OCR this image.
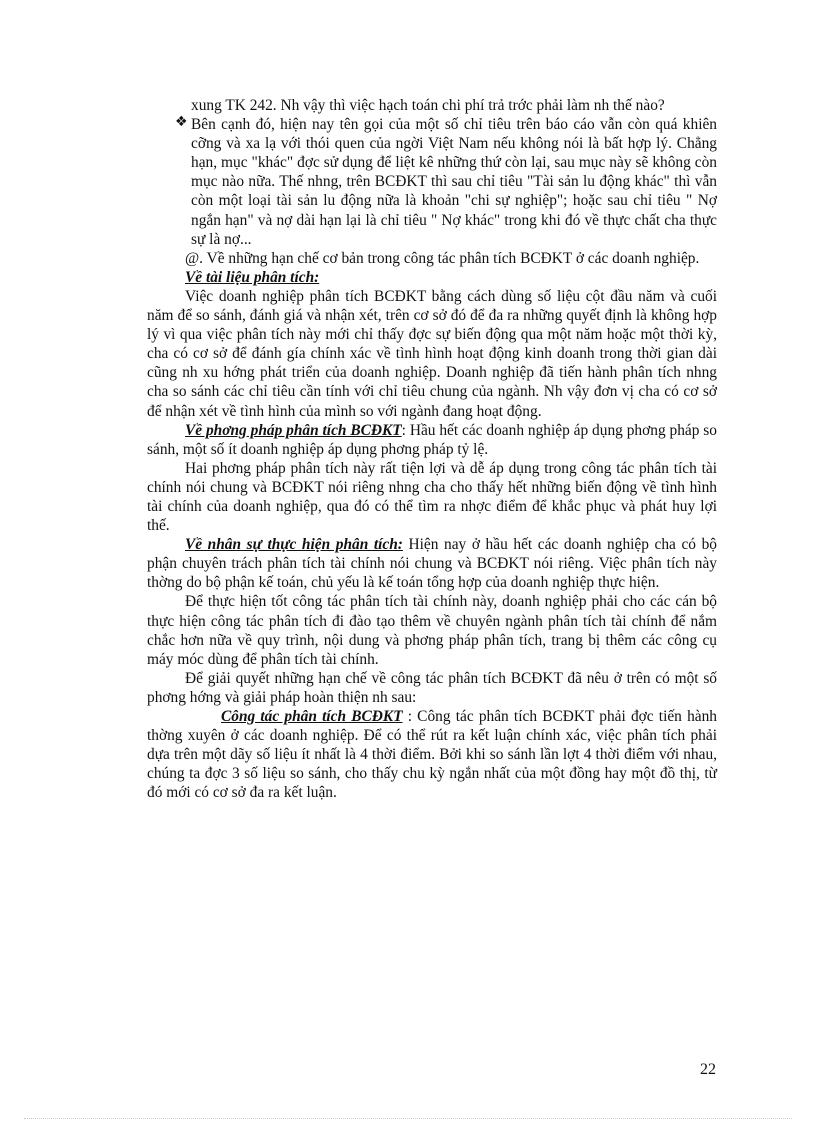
xung TK 242. Nh vậy thì việc hạch toán chi phí trả trớc phải làm nh thế nào?

❖ Bên cạnh đó, hiện nay tên gọi của một số chỉ tiêu trên báo cáo vẫn còn quá khiên cỡng và xa lạ với thói quen của ngời Việt Nam nếu không nói là bất hợp lý. Chẳng hạn, mục "khác" đợc sử dụng để liệt kê những thứ còn lại, sau mục này sẽ không còn mục nào nữa. Thế nhng, trên BCĐKT thì sau chỉ tiêu "Tài sản lu động khác" thì vẫn còn một loại tài sản lu động nữa là khoản "chi sự nghiệp"; hoặc sau chỉ tiêu " Nợ ngắn hạn" và nợ dài hạn lại là chỉ tiêu " Nợ khác" trong khi đó về thực chất cha thực sự là nợ...

@. Về những hạn chế cơ bản trong công tác phân tích BCĐKT ở các doanh nghiệp.

Về tài liệu phân tích:

Việc doanh nghiệp phân tích BCĐKT bằng cách dùng số liệu cột đầu năm và cuối năm để so sánh, đánh giá và nhận xét, trên cơ sở đó để đa ra những quyết định là không hợp lý vì qua việc phân tích này mới chỉ thấy đợc sự biến động qua một năm hoặc một thời kỳ, cha có cơ sở để đánh gía chính xác về tình hình hoạt động kinh doanh trong thời gian dài cũng nh xu hớng phát triển của doanh nghiệp. Doanh nghiệp đã tiến hành phân tích nhng cha so sánh các chỉ tiêu cần tính với chỉ tiêu chung của ngành. Nh vậy đơn vị cha có cơ sở để nhận xét về tình hình của mình so với ngành đang hoạt động.

Về phơng pháp phân tích BCĐKT: Hầu hết các doanh nghiệp áp dụng phơng pháp so sánh, một số ít doanh nghiệp áp dụng phơng pháp tỷ lệ.

Hai phơng pháp phân tích này rất tiện lợi và dễ áp dụng trong công tác phân tích tài chính nói chung và BCĐKT nói riêng nhng cha cho thấy hết những biến động về tình hình tài chính của doanh nghiệp, qua đó có thể tìm ra nhợc điểm để khắc phục và phát huy lợi thế.

Về nhân sự thực hiện phân tích: Hiện nay ở hầu hết các doanh nghiệp cha có bộ phận chuyên trách phân tích tài chính nói chung và BCĐKT nói riêng. Việc phân tích này thờng do bộ phận kế toán, chủ yếu là kế toán tổng hợp của doanh nghiệp thực hiện.

Để thực hiện tốt công tác phân tích tài chính này, doanh nghiệp phải cho các cán bộ thực hiện công tác phân tích đi đào tạo thêm về chuyên ngành phân tích tài chính để nắm chắc hơn nữa về quy trình, nội dung và phơng pháp phân tích, trang bị thêm các công cụ máy móc dùng để phân tích tài chính.

Để giải quyết những hạn chế về công tác phân tích BCĐKT đã nêu ở trên có một số phơng hớng và giải pháp hoàn thiện nh sau:

Công tác phân tích BCĐKT : Công tác phân tích BCĐKT phải đợc tiến hành thờng xuyên ở các doanh nghiệp. Để có thể rút ra kết luận chính xác, việc phân tích phải dựa trên một dãy số liệu ít nhất là 4 thời điểm. Bởi khi so sánh lần lợt 4 thời điểm với nhau, chúng ta đợc 3 số liệu so sánh, cho thấy chu kỳ ngắn nhất của một đồng hay một đồ thị, từ đó mới có cơ sở đa ra kết luận.

22
